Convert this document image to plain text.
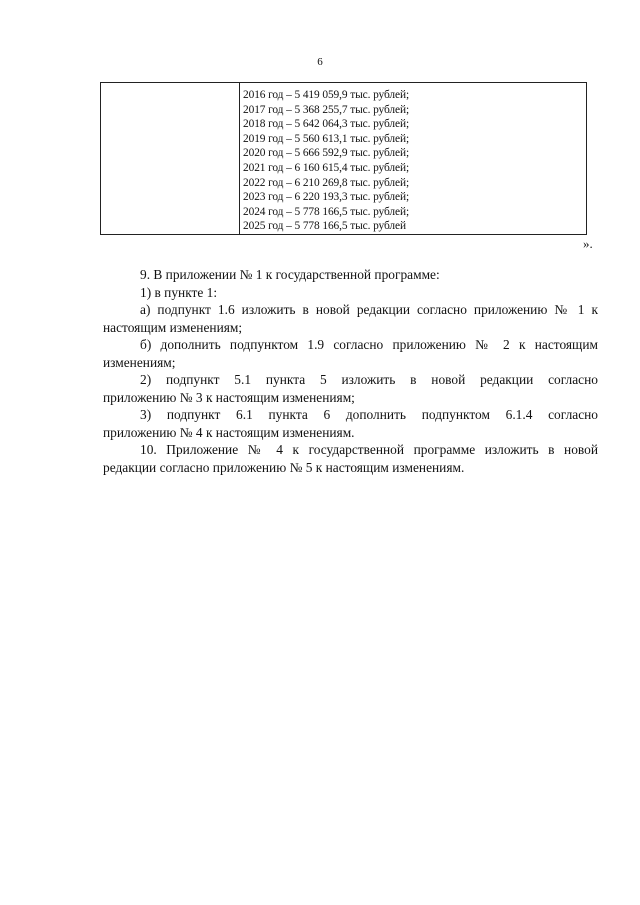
6
2016 год – 5 419 059,9 тыс. рублей;
2017 год – 5 368 255,7 тыс. рублей;
2018 год – 5 642 064,3 тыс. рублей;
2019 год – 5 560 613,1 тыс. рублей;
2020 год – 5 666 592,9 тыс. рублей;
2021 год – 6 160 615,4 тыс. рублей;
2022 год – 6 210 269,8 тыс. рублей;
2023 год – 6 220 193,3 тыс. рублей;
2024 год – 5 778 166,5 тыс. рублей;
2025 год – 5 778 166,5 тыс. рублей
».

9. В приложении № 1 к государственной программе:

1) в пункте 1:

а) подпункт 1.6 изложить в новой редакции согласно приложению № 1 к
настоящим изменениям;

б) дополнить подпунктом 1.9 согласно приложению № 2 к настоящим
изменениям;

2) подпункт 5.1 пункта 5 изложить в новой редакции согласно
приложению № 3 к настоящим изменениям;

3) подпункт 6.1 пункта 6 дополнить подпунктом 6.1.4 согласно
приложению № 4 к настоящим изменениям.

10. Приложение № 4 к государственной программе изложить в новой
редакции согласно приложению № 5 к настоящим изменениям.
